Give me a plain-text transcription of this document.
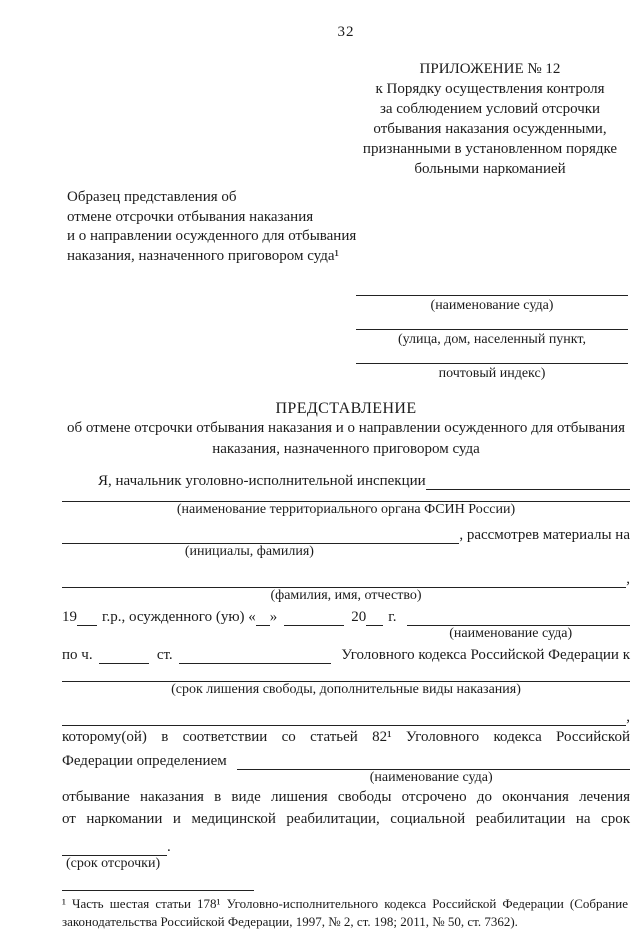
32
ПРИЛОЖЕНИЕ № 12
к Порядку осуществления контроля
за соблюдением условий отсрочки
отбывания наказания осужденными,
признанными в установленном порядке
больными наркоманией
Образец представления об
отмене отсрочки отбывания наказания
и о направлении осужденного для отбывания
наказания, назначенного приговором суда¹
(наименование суда)
(улица, дом, населенный пункт,
почтовый индекс)
ПРЕДСТАВЛЕНИЕ
об отмене отсрочки отбывания наказания и о направлении осужденного для отбывания
наказания, назначенного приговором суда
Я, начальник уголовно-исполнительной инспекции
(наименование территориального органа ФСИН России)
, рассмотрев материалы на
(инициалы, фамилия)
,
(фамилия, имя, отчество)
19 г.р., осужденного (ую) « »	20 г.
(наименование суда)
по ч.	ст.	Уголовного кодекса Российской Федерации к
(срок лишения свободы, дополнительные виды наказания)
,
которому(ой) в соответствии со статьей 82¹ Уголовного кодекса Российской
Федерации определением
(наименование суда)
отбывание наказания в виде лишения свободы отсрочено до окончания лечения
от наркомании и медицинской реабилитации, социальной реабилитации на срок
.
(срок отсрочки)
¹ Часть шестая статьи 178¹ Уголовно-исполнительного кодекса Российской Федерации (Собрание законодательства Российской Федерации, 1997, № 2, ст. 198; 2011, № 50, ст. 7362).
